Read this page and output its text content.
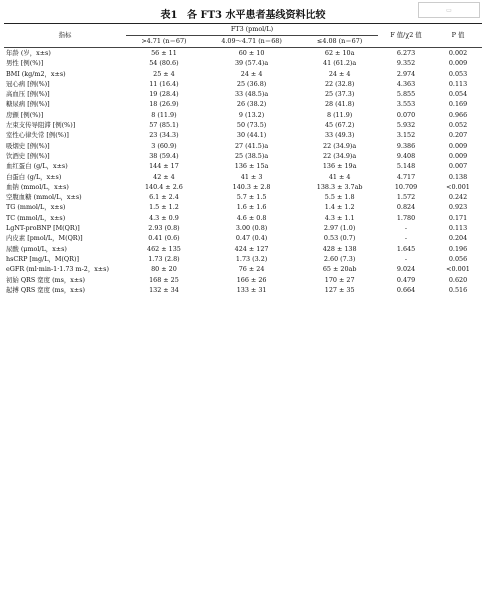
表1 各 FT3 水平患者基线资料比较	▭
指标	FT3 (pmol/L)			F 值/χ2 值	P 值
	>4.71 (n＝67)	4.09～4.71 (n＝68)	≤4.08 (n＝67)		
年龄 (岁，x±s)	56 ± 11	60 ± 10	62 ± 10a	6.273	0.002
男性 [例(%)]	54 (80.6)	39 (57.4)a	41 (61.2)a	9.352	0.009
BMI (kg/m2，x±s)	25 ± 4	24 ± 4	24 ± 4	2.974	0.053
冠心病 [例(%)]	11 (16.4)	25 (36.8)	22 (32.8)	4.363	0.113
高血压 [例(%)]	19 (28.4)	33 (48.5)a	25 (37.3)	5.855	0.054
糖尿病 [例(%)]	18 (26.9)	26 (38.2)	28 (41.8)	3.553	0.169
房颤 [例(%)]	8 (11.9)	9 (13.2)	8 (11.9)	0.070	0.966
左束支传导阻滞 [例(%)]	57 (85.1)	50 (73.5)	45 (67.2)	5.932	0.052
室性心律失常 [例(%)]	23 (34.3)	30 (44.1)	33 (49.3)	3.152	0.207
吸烟史 [例(%)]	3 (60.9)	27 (41.5)a	22 (34.9)a	9.386	0.009
饮酒史 [例(%)]	38 (59.4)	25 (38.5)a	22 (34.9)a	9.408	0.009
血红蛋白 (g/L，x±s)	144 ± 17	136 ± 15a	136 ± 19a	5.148	0.007
白蛋白 (g/L，x±s)	42 ± 4	41 ± 3	41 ± 4	4.717	0.138
血钠 (mmol/L，x±s)	140.4 ± 2.6	140.3 ± 2.8	138.3 ± 3.7ab	10.709	<0.001
空腹血糖 (mmol/L，x±s)	6.1 ± 2.4	5.7 ± 1.5	5.5 ± 1.8	1.572	0.242
TG (mmol/L，x±s)	1.5 ± 1.2	1.6 ± 1.6	1.4 ± 1.2	0.824	0.923
TC (mmol/L，x±s)	4.3 ± 0.9	4.6 ± 0.8	4.3 ± 1.1	1.780	0.171
LgNT-proBNP [M(QR)]	2.93 (0.8)	3.00 (0.8)	2.97 (1.0)	-	0.113
内皮素 [pmol/L，M(QR)]	0.41 (0.6)	0.47 (0.4)	0.53 (0.7)	-	0.204
尿酸 (μmol/L，x±s)	462 ± 135	424 ± 127	428 ± 138	1.645	0.196
hsCRP [mg/L，M(QR)]	1.73 (2.8)	1.73 (3.2)	2.60 (7.3)	-	0.056
eGFR (ml·min-1·1.73 m-2，x±s)	80 ± 20	76 ± 24	65 ± 20ab	9.024	<0.001
初始 QRS 宽度 (ms，x±s)	168 ± 25	166 ± 26	170 ± 27	0.479	0.620
起搏 QRS 宽度 (ms，x±s)	132 ± 34	133 ± 31	127 ± 35	0.664	0.516
